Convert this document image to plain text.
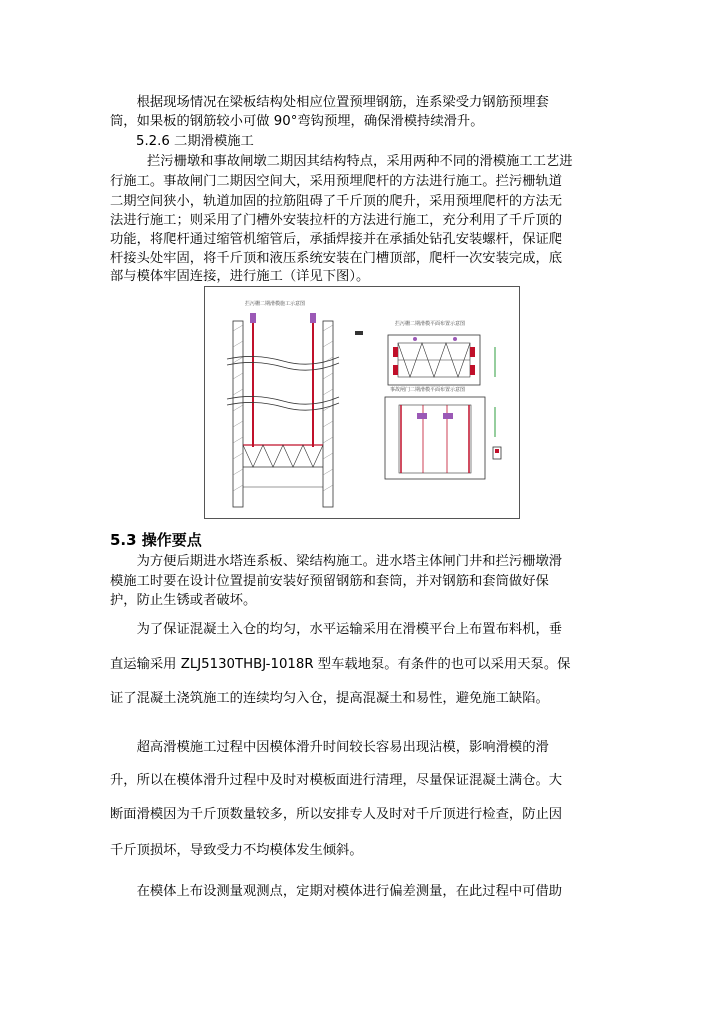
　　根据现场情况在梁板结构处相应位置预埋钢筋，连系梁受力钢筋预埋套
筒，如果板的钢筋较小可做 90°弯钩预埋，确保滑模持续滑升。
5.2.6 二期滑模施工
拦污栅墩和事故闸墩二期因其结构特点，采用两种不同的滑模施工工艺进
行施工。事故闸门二期因空间大，采用预埋爬杆的方法进行施工。拦污栅轨道
二期空间狭小，轨道加固的拉筋阻碍了千斤顶的爬升，采用预埋爬杆的方法无
法进行施工；则采用了门槽外安装拉杆的方法进行施工，充分利用了千斤顶的
功能，将爬杆通过缩管机缩管后，承插焊接并在承插处钻孔安装螺杆，保证爬
杆接头处牢固，将千斤顶和液压系统安装在门槽顶部，爬杆一次安装完成，底
部与模体牢固连接，进行施工（详见下图）。
拦污栅二期滑模施工示意图
拦污栅二期滑模平面布置示意图
事故闸门二期滑模平面布置示意图
5.3 操作要点
　　为方便后期进水塔连系板、梁结构施工。进水塔主体闸门井和拦污栅墩滑
模施工时要在设计位置提前安装好预留钢筋和套筒，并对钢筋和套筒做好保
护，防止生锈或者破坏。
　　为了保证混凝土入仓的均匀，水平运输采用在滑模平台上布置布料机，垂
直运输采用 ZLJ5130THBJ-1018R 型车载地泵。有条件的也可以采用天泵。保
证了混凝土浇筑施工的连续均匀入仓，提高混凝土和易性，避免施工缺陷。
　　超高滑模施工过程中因模体滑升时间较长容易出现沾模，影响滑模的滑
升，所以在模体滑升过程中及时对模板面进行清理，尽量保证混凝土满仓。大
断面滑模因为千斤顶数量较多，所以安排专人及时对千斤顶进行检查，防止因
千斤顶损坏，导致受力不均模体发生倾斜。
　　在模体上布设测量观测点，定期对模体进行偏差测量，在此过程中可借助
